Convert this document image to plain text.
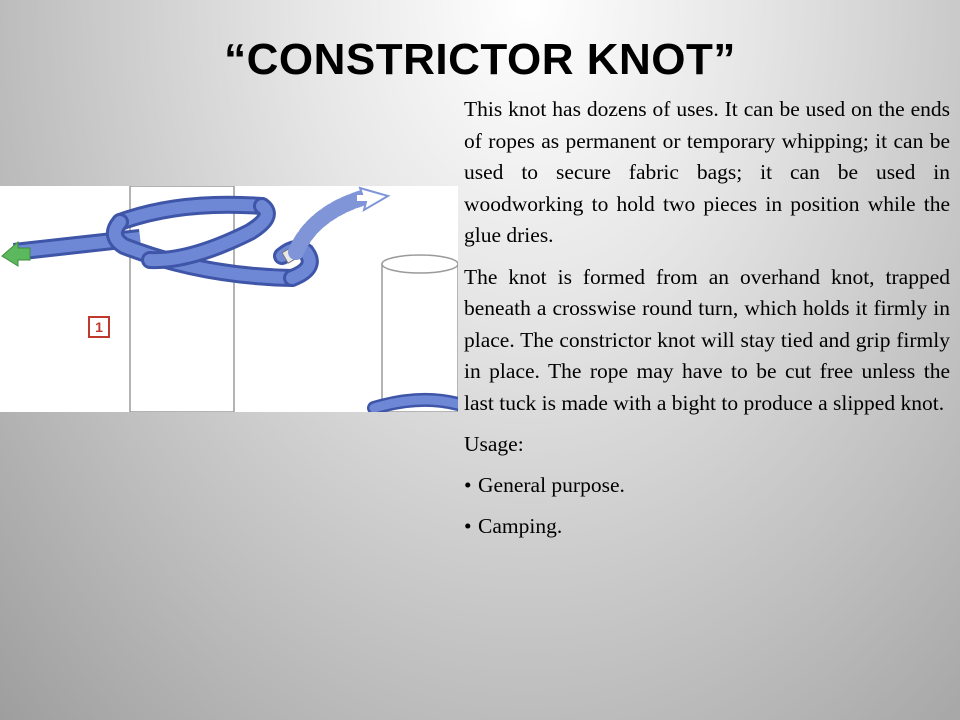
“CONSTRICTOR KNOT”
1

This knot has dozens of uses. It can be used on the ends of ropes as permanent or temporary whipping; it can be used to secure fabric bags; it can be used in woodworking to hold two pieces in position while the glue dries.

The knot is formed from an overhand knot, trapped beneath a crosswise round turn, which holds it firmly in place. The constrictor knot will stay tied and grip firmly in place. The rope may have to be cut free unless the last tuck is made with a bight to produce a slipped knot.

Usage:
• General purpose.
• Camping.
